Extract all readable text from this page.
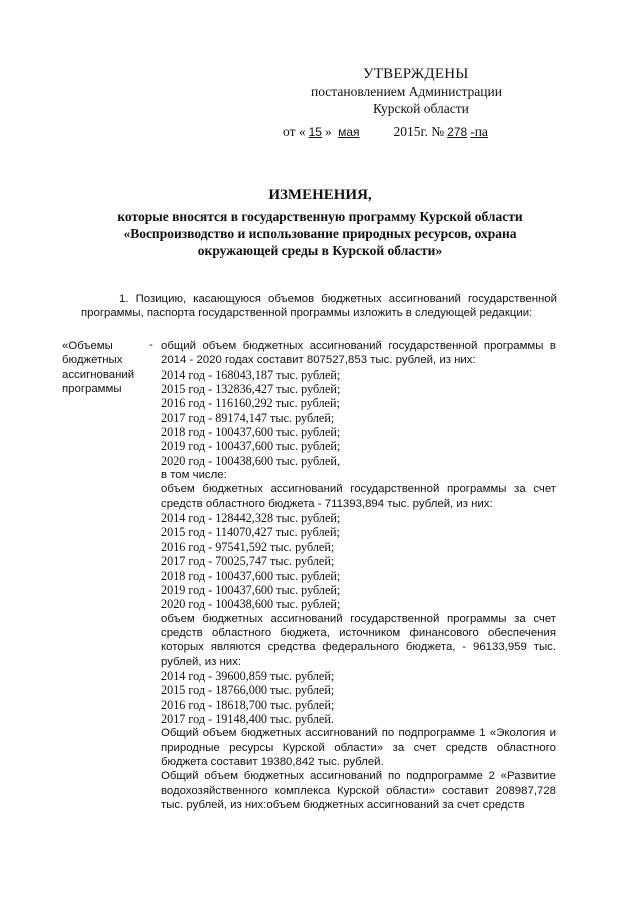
УТВЕРЖДЕНЫ
постановлением Администрации
Курской области
от « 15 » мая	2015г. № 278 -па
ИЗМЕНЕНИЯ,
которые вносятся в государственную программу Курской области
«Воспроизводство и использование природных ресурсов, охрана
окружающей среды в Курской области»
1. Позицию, касающуюся объемов бюджетных ассигнований государственной программы, паспорта государственной программы изложить в следующей редакции:
«Объемы
бюджетных
ассигнований
программы
- общий объем бюджетных ассигнований государственной программы в 2014 - 2020 годах составит 807527,853 тыс. рублей, из них:
2014 год - 168043,187 тыс. рублей;
2015 год - 132836,427 тыс. рублей;
2016 год - 116160,292 тыс. рублей;
2017 год - 89174,147 тыс. рублей;
2018 год - 100437,600 тыс. рублей;
2019 год - 100437,600 тыс. рублей;
2020 год - 100438,600 тыс. рублей,
в том числе:
объем бюджетных ассигнований государственной программы за счет средств областного бюджета - 711393,894 тыс. рублей, из них:
2014 год - 128442,328 тыс. рублей;
2015 год - 114070,427 тыс. рублей;
2016 год - 97541,592 тыс. рублей;
2017 год - 70025,747 тыс. рублей;
2018 год - 100437,600 тыс. рублей;
2019 год - 100437,600 тыс. рублей;
2020 год - 100438,600 тыс. рублей;
объем бюджетных ассигнований государственной программы за счет средств областного бюджета, источником финансового обеспечения которых являются средства федерального бюджета, - 96133,959 тыс. рублей, из них:
2014 год - 39600,859 тыс. рублей;
2015 год - 18766,000 тыс. рублей;
2016 год - 18618,700 тыс. рублей;
2017 год - 19148,400 тыс. рублей.
Общий объем бюджетных ассигнований по подпрограмме 1 «Экология и природные ресурсы Курской области» за счет средств областного бюджета составит 19380,842 тыс. рублей.
Общий объем бюджетных ассигнований по подпрограмме 2 «Развитие водохозяйственного комплекса Курской области» составит 208987,728 тыс. рублей, из них:объем бюджетных ассигнований за счет средств
